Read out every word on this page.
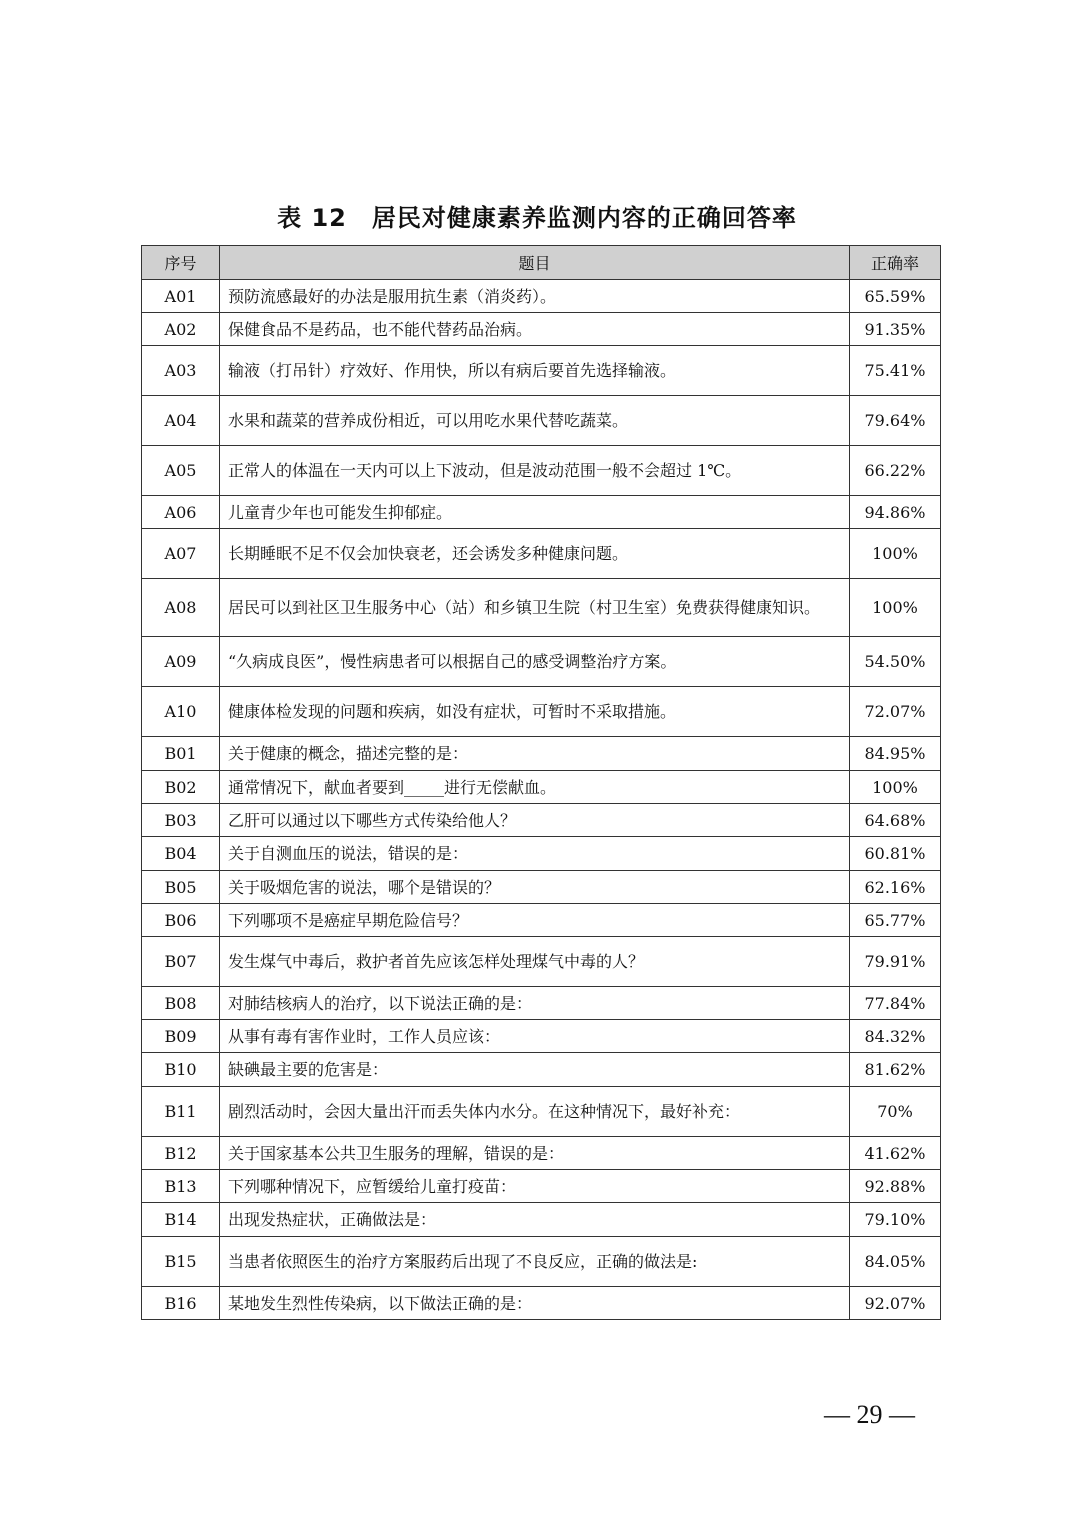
表 12　居民对健康素养监测内容的正确回答率
序号	题目	正确率
A01	预防流感最好的办法是服用抗生素（消炎药）。	65.59%
A02	保健食品不是药品，也不能代替药品治病。	91.35%
A03	输液（打吊针）疗效好、作用快，所以有病后要首先选择输液。	75.41%
A04	水果和蔬菜的营养成份相近，可以用吃水果代替吃蔬菜。	79.64%
A05	正常人的体温在一天内可以上下波动，但是波动范围一般不会超过 1℃。	66.22%
A06	儿童青少年也可能发生抑郁症。	94.86%
A07	长期睡眠不足不仅会加快衰老，还会诱发多种健康问题。	100%
A08	居民可以到社区卫生服务中心（站）和乡镇卫生院（村卫生室）免费获得健康知识。	100%
A09	“久病成良医”，慢性病患者可以根据自己的感受调整治疗方案。	54.50%
A10	健康体检发现的问题和疾病，如没有症状，可暂时不采取措施。	72.07%
B01	关于健康的概念，描述完整的是：	84.95%
B02	通常情况下，献血者要到_____进行无偿献血。	100%
B03	乙肝可以通过以下哪些方式传染给他人？	64.68%
B04	关于自测血压的说法，错误的是：	60.81%
B05	关于吸烟危害的说法，哪个是错误的？	62.16%
B06	下列哪项不是癌症早期危险信号？	65.77%
B07	发生煤气中毒后，救护者首先应该怎样处理煤气中毒的人？	79.91%
B08	对肺结核病人的治疗，以下说法正确的是：	77.84%
B09	从事有毒有害作业时，工作人员应该：	84.32%
B10	缺碘最主要的危害是：	81.62%
B11	剧烈活动时，会因大量出汗而丢失体内水分。在这种情况下，最好补充：	70%
B12	关于国家基本公共卫生服务的理解，错误的是：	41.62%
B13	下列哪种情况下，应暂缓给儿童打疫苗：	92.88%
B14	出现发热症状，正确做法是：	79.10%
B15	当患者依照医生的治疗方案服药后出现了不良反应，正确的做法是:	84.05%
B16	某地发生烈性传染病，以下做法正确的是：	92.07%
— 29 —
